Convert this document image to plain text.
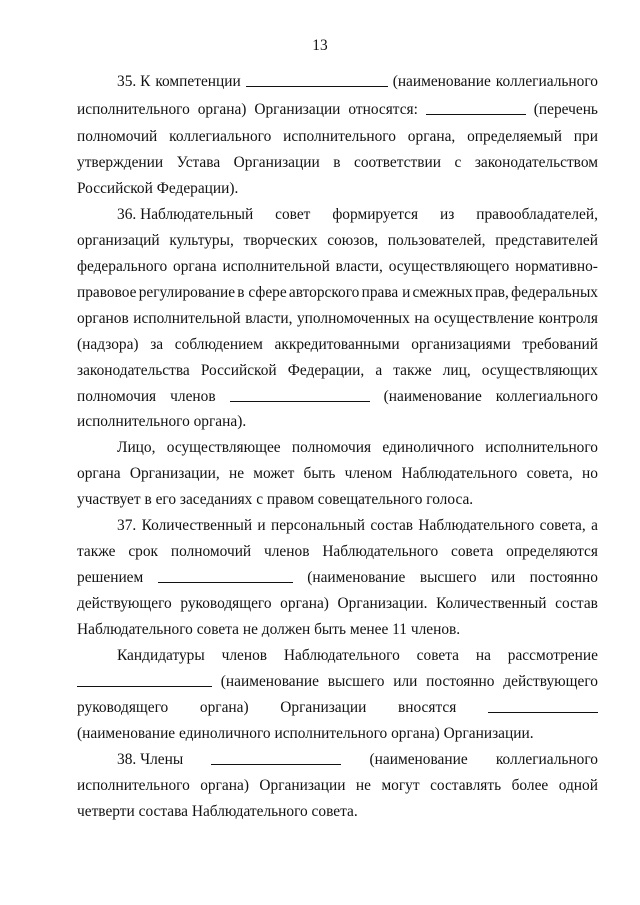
13
35. К компетенции	(наименование коллегиального
исполнительного органа) Организации относятся:	(перечень
полномочий коллегиального исполнительного органа, определяемый при
утверждении Устава Организации в соответствии с законодательством
Российской Федерации).
36. Наблюдательный совет формируется из правообладателей,
организаций культуры, творческих союзов, пользователей, представителей
федерального органа исполнительной власти, осуществляющего нормативно-
правовое регулирование в сфере авторского права и смежных прав, федеральных
органов исполнительной власти, уполномоченных на осуществление контроля
(надзора) за соблюдением аккредитованными организациями требований
законодательства Российской Федерации, а также лиц, осуществляющих
полномочия членов	(наименование коллегиального
исполнительного органа).
Лицо, осуществляющее полномочия единоличного исполнительного
органа Организации, не может быть членом Наблюдательного совета, но
участвует в его заседаниях с правом совещательного голоса.
37. Количественный и персональный состав Наблюдательного совета, а
также срок полномочий членов Наблюдательного совета определяются
решением	(наименование высшего или постоянно
действующего руководящего органа) Организации. Количественный состав
Наблюдательного совета не должен быть менее 11 членов.
Кандидатуры членов Наблюдательного совета на рассмотрение
(наименование высшего или постоянно действующего
руководящего органа) Организации вносятся
(наименование единоличного исполнительного органа) Организации.
38. Члены	(наименование коллегиального
исполнительного органа) Организации не могут составлять более одной
четверти состава Наблюдательного совета.
